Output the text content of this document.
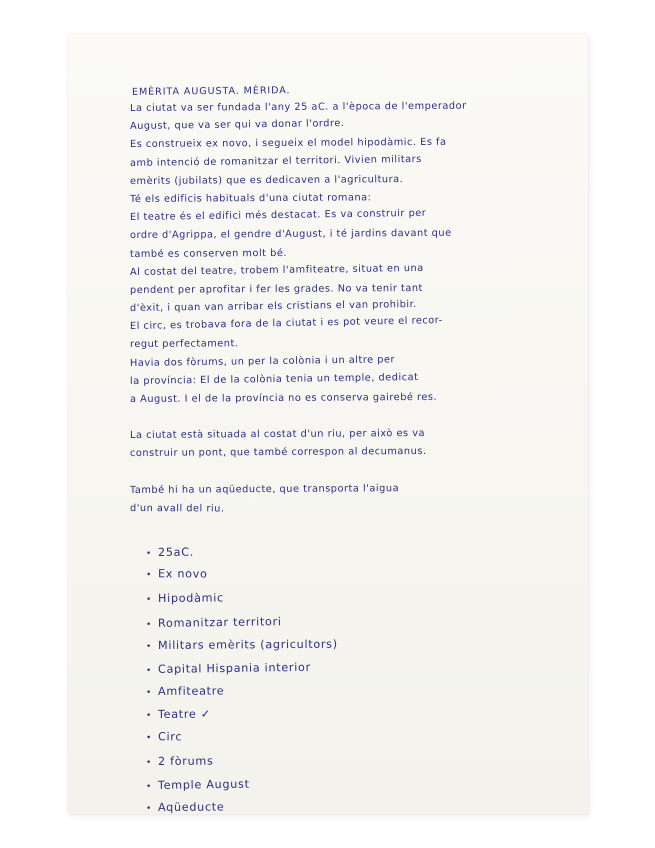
EMÈRITA AUGUSTA. MÈRIDA.
La ciutat va ser fundada l'any 25 aC. a l'època de l'emperador
August, que va ser qui va donar l'ordre.
Es construeix ex novo, i segueix el model hipodàmic. Es fa
amb intenció de romanitzar el territori. Vivien militars
emèrits (jubilats) que es dedicaven a l'agricultura.
Té els edificis habituals d'una ciutat romana:
El teatre és el edifici més destacat. Es va construir per
ordre d'Agrippa, el gendre d'August, i té jardins davant que
també es conserven molt bé.
Al costat del teatre, trobem l'amfiteatre, situat en una
pendent per aprofitar i fer les grades. No va tenir tant
d'èxit, i quan van arribar els cristians el van prohibir.
El circ, es trobava fora de la ciutat i es pot veure el recor-
regut perfectament.
Havia dos fòrums, un per la colònia i un altre per
la província: El de la colònia tenia un temple, dedicat
a August. I el de la província no es conserva gairebé res.
La ciutat està situada al costat d'un riu, per això es va
construir un pont, que també correspon al decumanus.
També hi ha un aqüeducte, que transporta l'aigua
d'un avall del riu.
• 25aC.
• Ex novo
• Hipodàmic
• Romanitzar territori
• Militars emèrits (agricultors)
• Capital Hispania interior
• Amfiteatre
• Teatre ✓
• Circ
• 2 fòrums
• Temple August
• Aqüeducte
